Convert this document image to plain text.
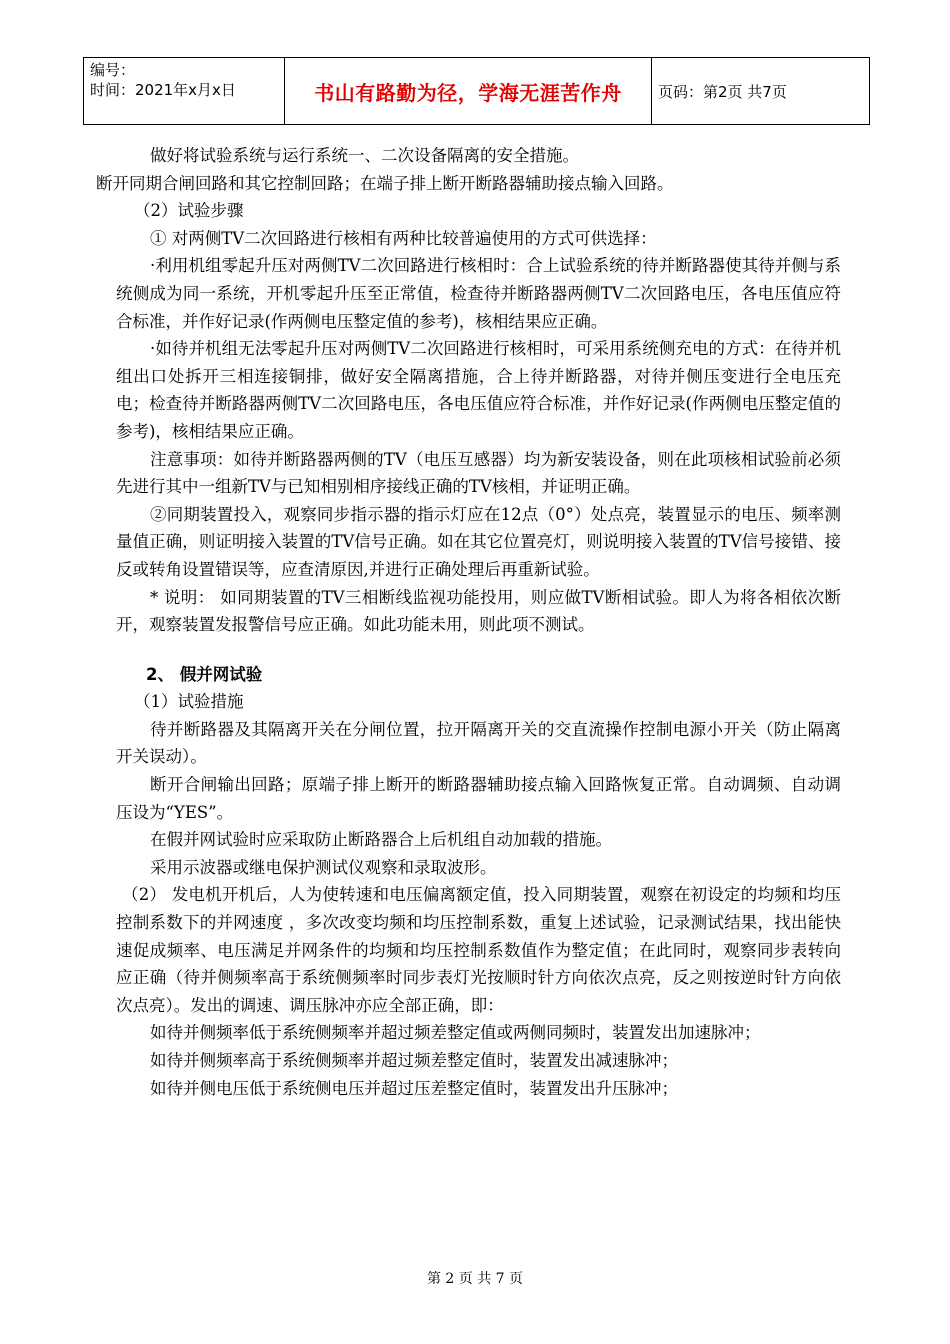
编号：
时间：2021年x月x日	书山有路勤为径，学海无涯苦作舟	页码：第2页 共7页

做好将试验系统与运行系统一、二次设备隔离的安全措施。

断开同期合闸回路和其它控制回路；在端子排上断开断路器辅助接点输入回路。

（2）试验步骤

① 对两侧TV二次回路进行核相有两种比较普遍使用的方式可供选择：

·利用机组零起升压对两侧TV二次回路进行核相时：合上试验系统的待并断路器使其待并侧与系统侧成为同一系统，开机零起升压至正常值，检查待并断路器两侧TV二次回路电压，各电压值应符合标准，并作好记录(作两侧电压整定值的参考)，核相结果应正确。

·如待并机组无法零起升压对两侧TV二次回路进行核相时，可采用系统侧充电的方式：在待并机组出口处拆开三相连接铜排，做好安全隔离措施，合上待并断路器，对待并侧压变进行全电压充电；检查待并断路器两侧TV二次回路电压，各电压值应符合标准，并作好记录(作两侧电压整定值的参考)，核相结果应正确。

注意事项：如待并断路器两侧的TV（电压互感器）均为新安装设备，则在此项核相试验前必须先进行其中一组新TV与已知相别相序接线正确的TV核相，并证明正确。

②同期装置投入，观察同步指示器的指示灯应在12点（0°）处点亮，装置显示的电压、频率测量值正确，则证明接入装置的TV信号正确。如在其它位置亮灯，则说明接入装置的TV信号接错、接反或转角设置错误等，应查清原因,并进行正确处理后再重新试验。

* 说明： 如同期装置的TV三相断线监视功能投用，则应做TV断相试验。即人为将各相依次断开，观察装置发报警信号应正确。如此功能未用，则此项不测试。

2、 假并网试验

（1）试验措施

待并断路器及其隔离开关在分闸位置，拉开隔离开关的交直流操作控制电源小开关（防止隔离开关误动）。

断开合闸输出回路；原端子排上断开的断路器辅助接点输入回路恢复正常。自动调频、自动调压设为“YES”。

在假并网试验时应采取防止断路器合上后机组自动加载的措施。

采用示波器或继电保护测试仪观察和录取波形。

（2） 发电机开机后，人为使转速和电压偏离额定值，投入同期装置，观察在初设定的均频和均压控制系数下的并网速度 ，多次改变均频和均压控制系数，重复上述试验，记录测试结果，找出能快速促成频率、电压满足并网条件的均频和均压控制系数值作为整定值；在此同时，观察同步表转向应正确（待并侧频率高于系统侧频率时同步表灯光按顺时针方向依次点亮，反之则按逆时针方向依次点亮）。发出的调速、调压脉冲亦应全部正确，即：

如待并侧频率低于系统侧频率并超过频差整定值或两侧同频时，装置发出加速脉冲；

如待并侧频率高于系统侧频率并超过频差整定值时，装置发出减速脉冲；

如待并侧电压低于系统侧电压并超过压差整定值时，装置发出升压脉冲；

第 2 页 共 7 页
